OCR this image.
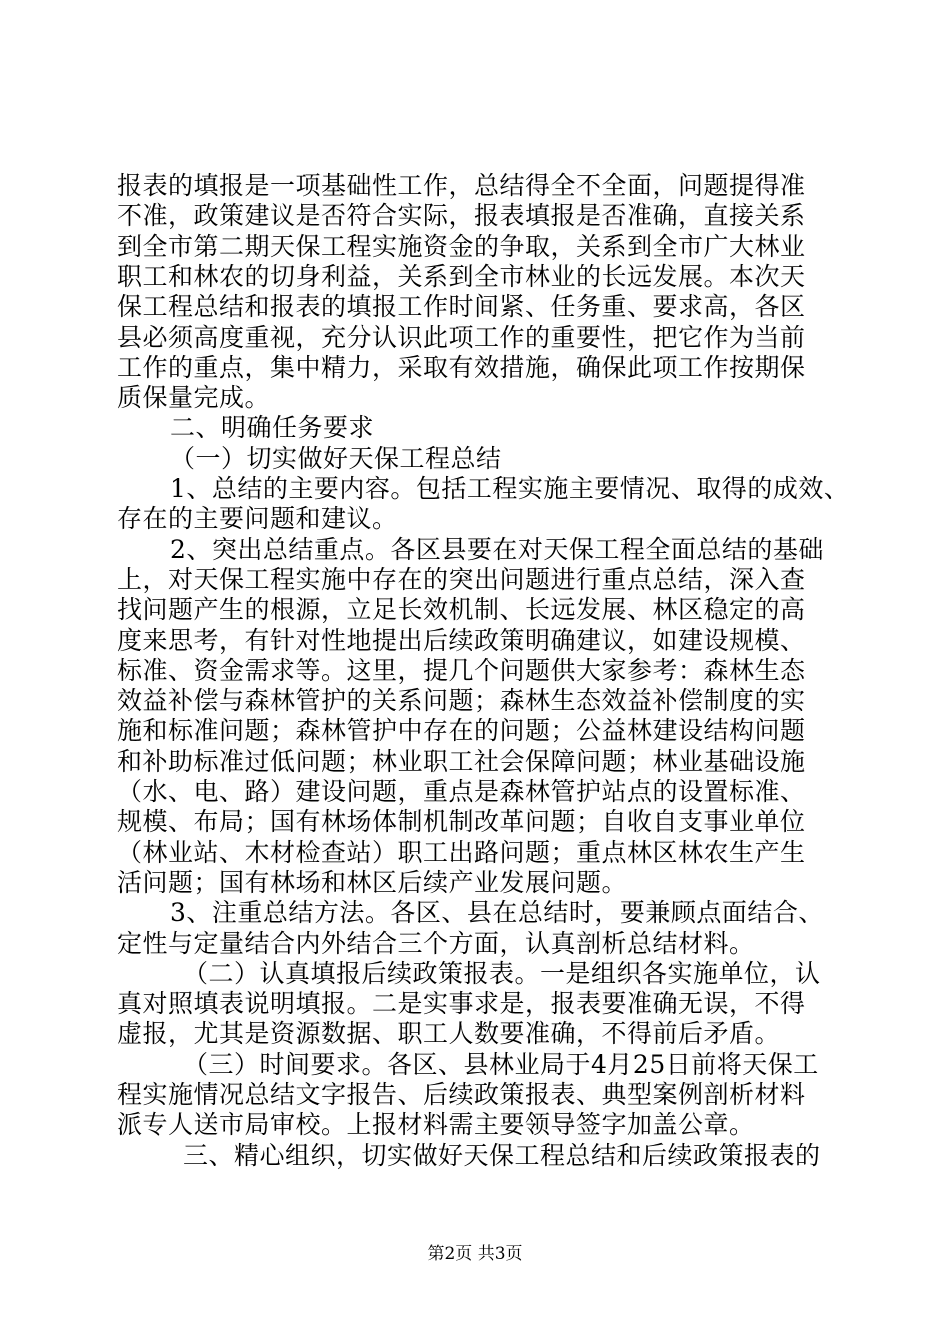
报表的填报是一项基础性工作，总结得全不全面，问题提得准
不准，政策建议是否符合实际，报表填报是否准确，直接关系
到全市第二期天保工程实施资金的争取，关系到全市广大林业
职工和林农的切身利益，关系到全市林业的长远发展。本次天
保工程总结和报表的填报工作时间紧、任务重、要求高，各区
县必须高度重视，充分认识此项工作的重要性，把它作为当前
工作的重点，集中精力，采取有效措施，确保此项工作按期保
质保量完成。
二、明确任务要求
（一）切实做好天保工程总结
1、总结的主要内容。包括工程实施主要情况、取得的成效、
存在的主要问题和建议。
2、突出总结重点。各区县要在对天保工程全面总结的基础
上，对天保工程实施中存在的突出问题进行重点总结，深入查
找问题产生的根源，立足长效机制、长远发展、林区稳定的高
度来思考，有针对性地提出后续政策明确建议，如建设规模、
标准、资金需求等。这里，提几个问题供大家参考：森林生态
效益补偿与森林管护的关系问题；森林生态效益补偿制度的实
施和标准问题；森林管护中存在的问题；公益林建设结构问题
和补助标准过低问题；林业职工社会保障问题；林业基础设施
（水、电、路）建设问题，重点是森林管护站点的设置标准、
规模、布局；国有林场体制机制改革问题；自收自支事业单位
（林业站、木材检查站）职工出路问题；重点林区林农生产生
活问题；国有林场和林区后续产业发展问题。
3、注重总结方法。各区、县在总结时，要兼顾点面结合、
定性与定量结合内外结合三个方面，认真剖析总结材料。
（二）认真填报后续政策报表。一是组织各实施单位，认
真对照填表说明填报。二是实事求是，报表要准确无误，不得
虚报，尤其是资源数据、职工人数要准确，不得前后矛盾。
（三）时间要求。各区、县林业局于4月25日前将天保工
程实施情况总结文字报告、后续政策报表、典型案例剖析材料
派专人送市局审校。上报材料需主要领导签字加盖公章。
三、精心组织，切实做好天保工程总结和后续政策报表的
第2页 共3页
